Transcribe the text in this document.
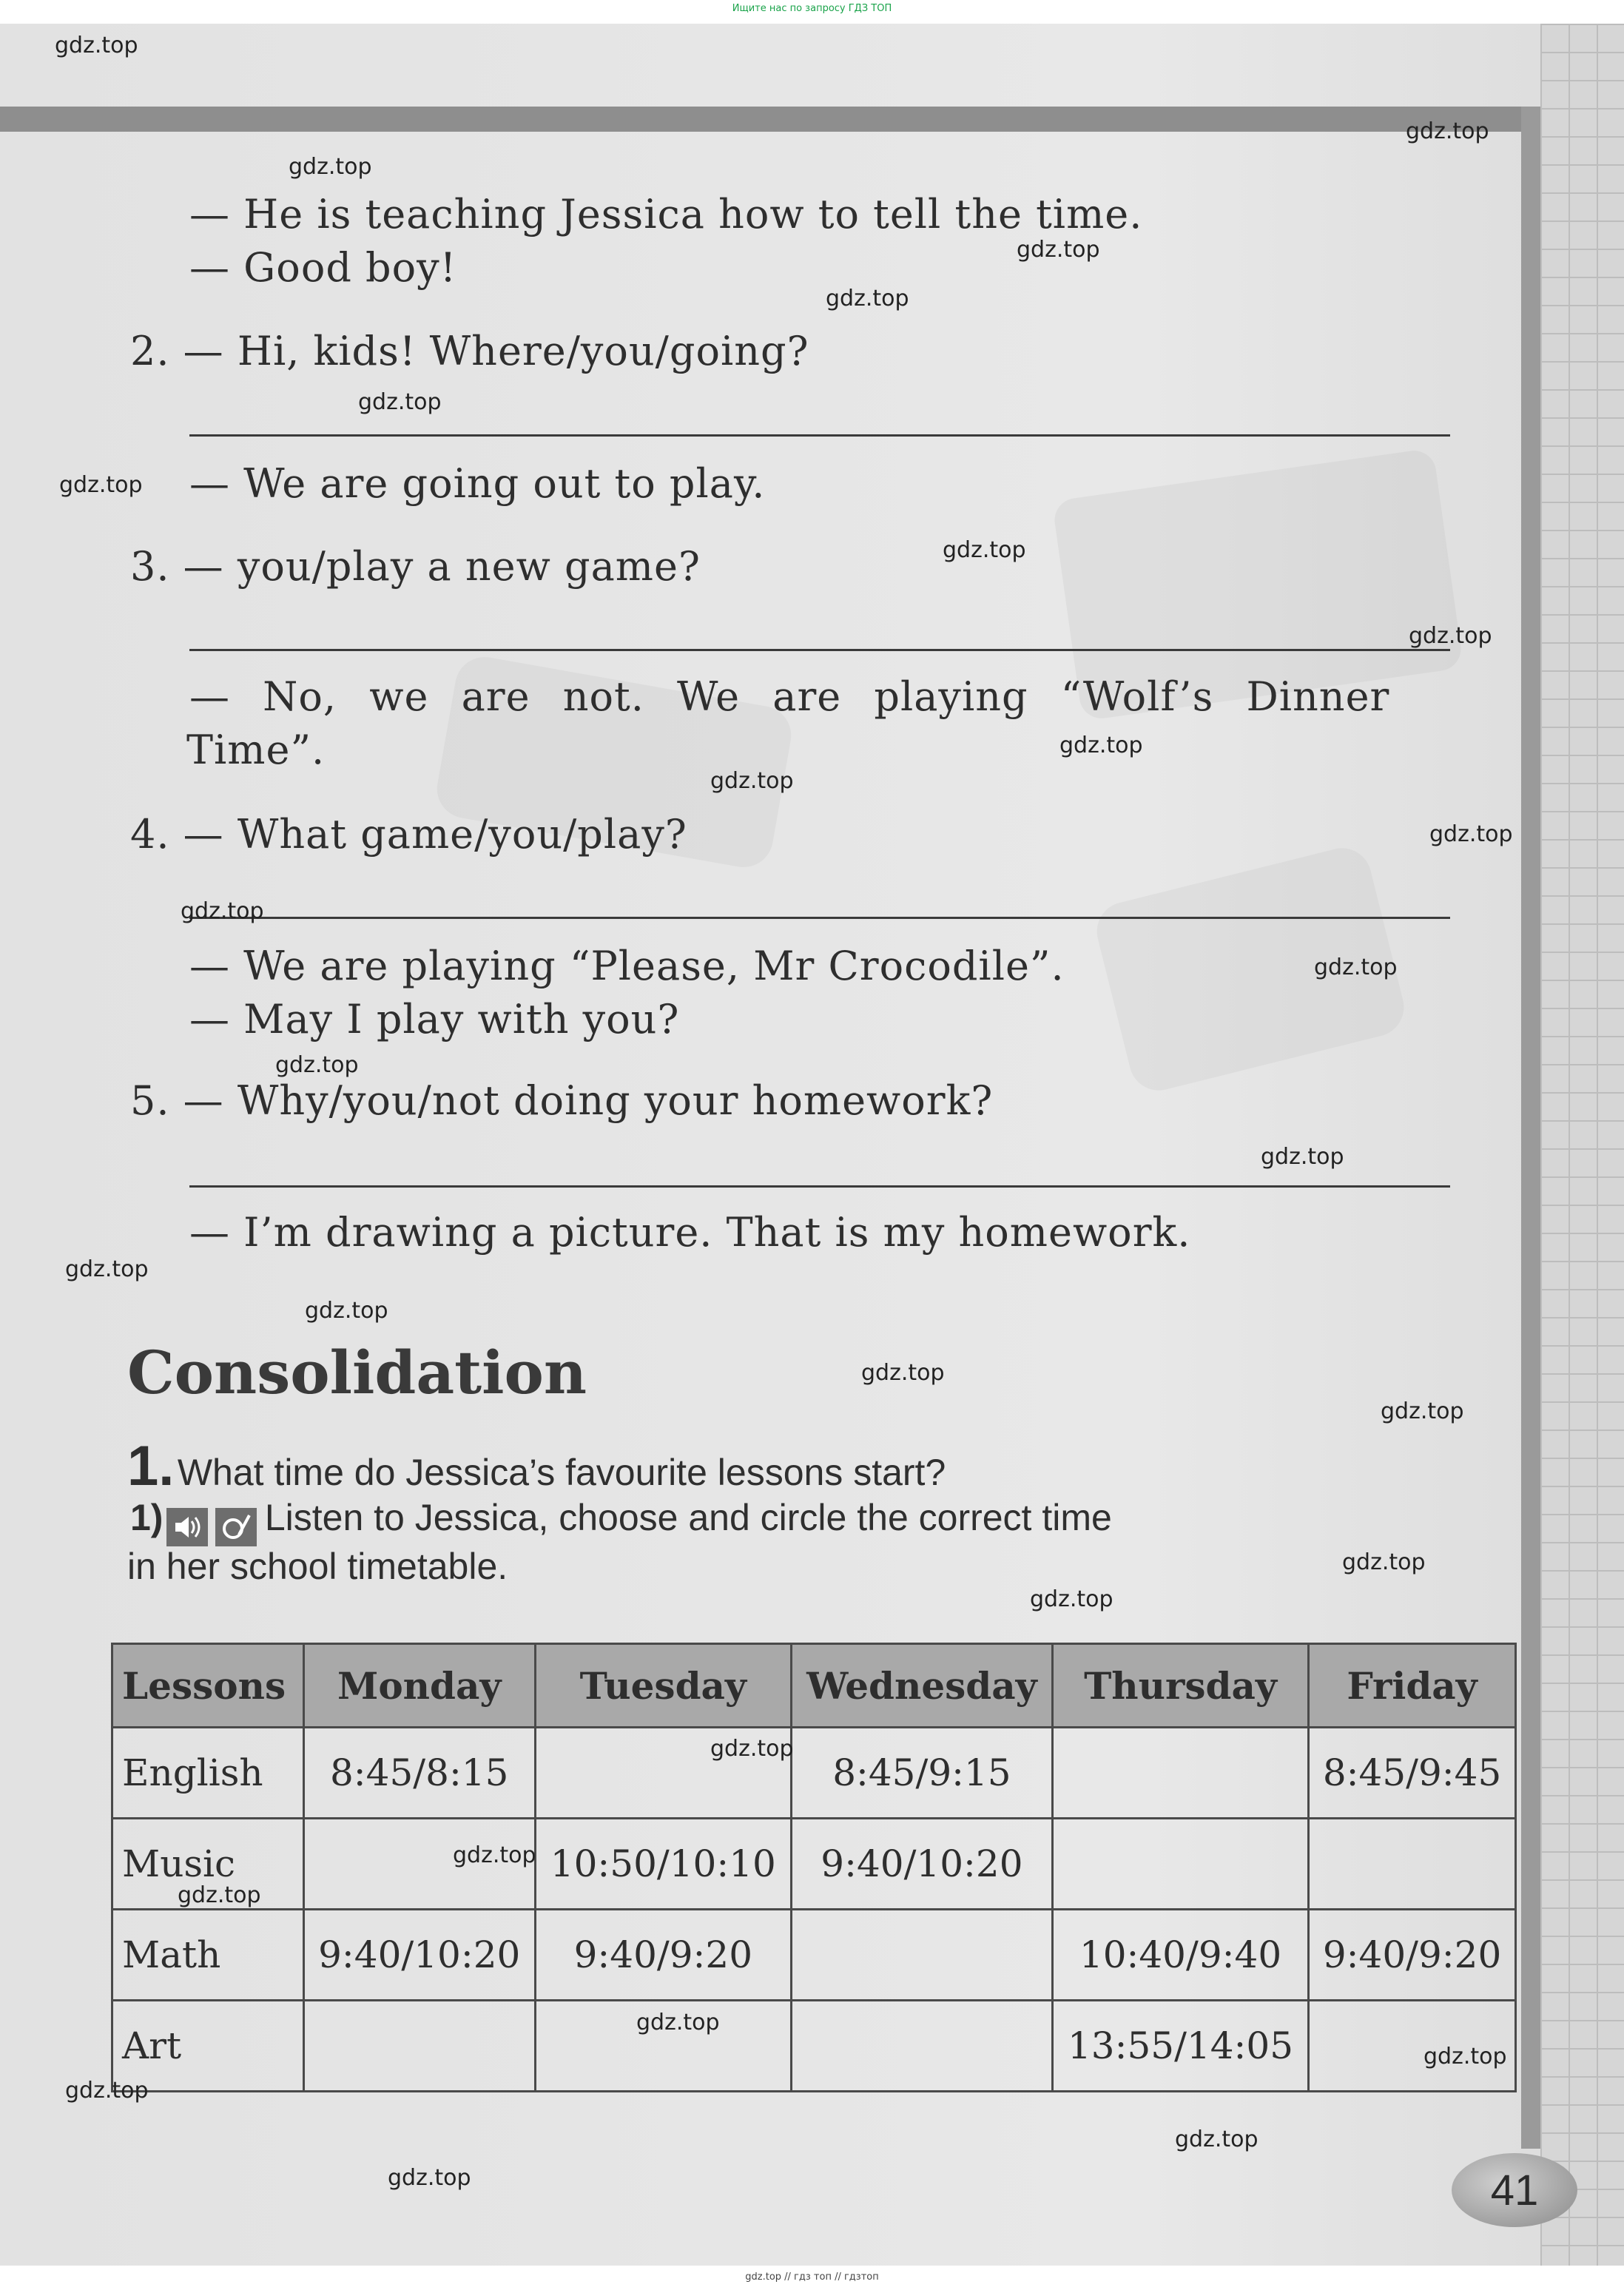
Ищите нас по запросу ГДЗ ТОП
— He is teaching Jessica how to tell the time.
— Good boy!
2. — Hi, kids! Where/you/going?
— We are going out to play.
3. — you/play a new game?
— No, we are not. We are playing “Wolf’s Dinner
Time”.
4. — What game/you/play?
— We are playing “Please, Mr Crocodile”.
— May I play with you?
5. — Why/you/not doing your homework?
— I’m drawing a picture. That is my homework.
Consolidation
1. What time do Jessica’s favourite lessons start?
1)
	Listen to Jessica, choose and circle the correct time
in her school timetable.
Lessons	Monday	Tuesday	Wednesday	Thursday	Friday
English	8:45/8:15		8:45/9:15		8:45/9:45
Music		10:50/10:10	9:40/10:20		
Math	9:40/10:20	9:40/9:20		10:40/9:40	9:40/9:20
Art				13:55/14:05	
41
gdz.top
gdz.top
gdz.top
gdz.top
gdz.top
gdz.top
gdz.top
gdz.top
gdz.top
gdz.top
gdz.top
gdz.top
gdz.top
gdz.top
gdz.top
gdz.top
gdz.top
gdz.top
gdz.top
gdz.top
gdz.top
gdz.top
gdz.top
gdz.top
gdz.top
gdz.top
gdz.top
gdz.top
gdz.top
gdz.top
gdz.top // гдз топ // гдзтоп
